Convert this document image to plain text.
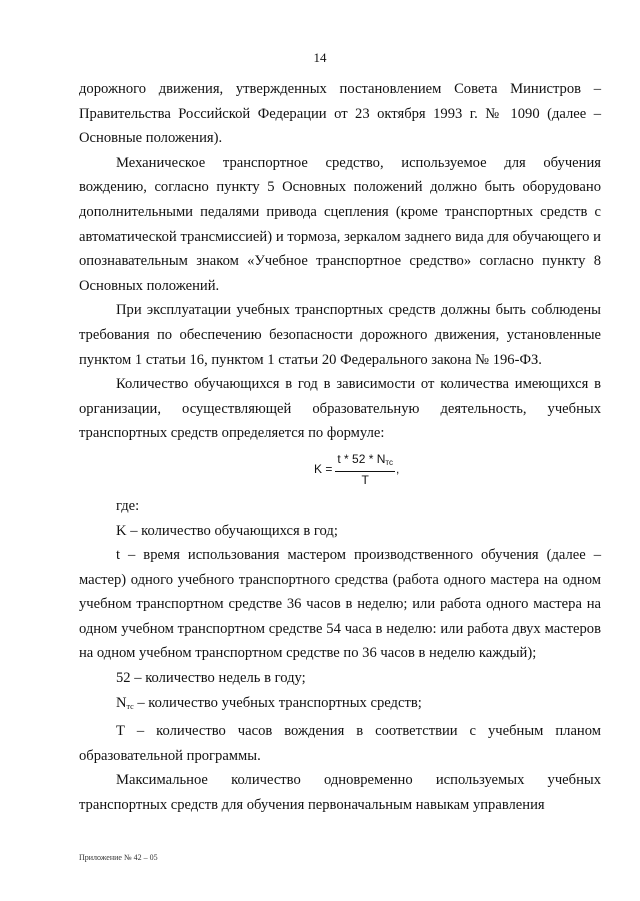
14

дорожного движения, утвержденных постановлением Совета Министров – Правительства Российской Федерации от 23 октября 1993 г. № 1090 (далее – Основные положения).

Механическое транспортное средство, используемое для обучения вождению, согласно пункту 5 Основных положений должно быть оборудовано дополнительными педалями привода сцепления (кроме транспортных средств с автоматической трансмиссией) и тормоза, зеркалом заднего вида для обучающего и опознавательным знаком «Учебное транспортное средство» согласно пункту 8 Основных положений.

При эксплуатации учебных транспортных средств должны быть соблюдены требования по обеспечению безопасности дорожного движения, установленные пунктом 1 статьи 16, пунктом 1 статьи 20 Федерального закона № 196-ФЗ.

Количество обучающихся в год в зависимости от количества имеющихся в организации, осуществляющей образовательную деятельность, учебных транспортных средств определяется по формуле:

$K = \frac{t * 52 * N_{тс}}{T}$ ,

где:

K – количество обучающихся в год;

t – время использования мастером производственного обучения (далее – мастер) одного учебного транспортного средства (работа одного мастера на одном учебном транспортном средстве 36 часов в неделю; или работа одного мастера на одном учебном транспортном средстве 54 часа в неделю: или работа двух мастеров на одном учебном транспортном средстве по 36 часов в неделю каждый);

52 – количество недель в году;

$N_{тс}$ – количество учебных транспортных средств;

Т – количество часов вождения в соответствии с учебным планом образовательной программы.

Максимальное количество одновременно используемых учебных транспортных средств для обучения первоначальным навыкам управления

Приложение № 42 – 05
